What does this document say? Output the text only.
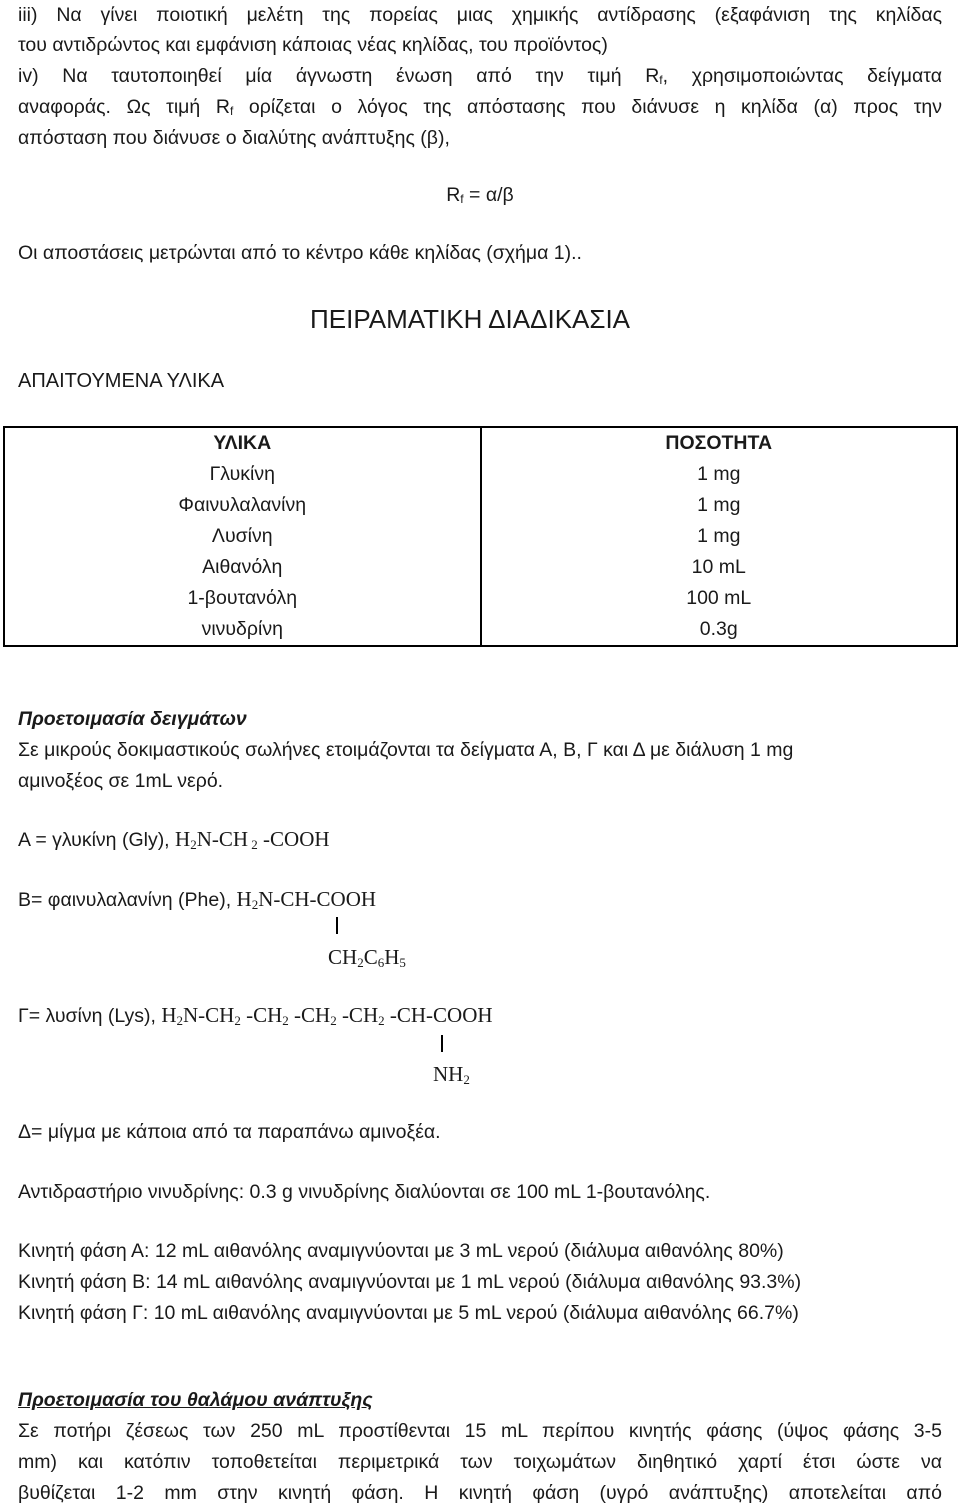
iii) Να γίνει ποιοτική μελέτη της πορείας μιας χημικής αντίδρασης (εξαφάνιση της κηλίδας
του αντιδρώντος και εμφάνιση κάποιας νέας κηλίδας, του προϊόντος)
iv) Να ταυτοποιηθεί μία άγνωστη ένωση από την τιμή Rf, χρησιμοποιώντας δείγματα
αναφοράς. Ως τιμή Rf ορίζεται ο λόγος της απόστασης που διάνυσε η κηλίδα (α) προς την
απόσταση που διάνυσε ο διαλύτης ανάπτυξης (β),
Rf = α/β
Οι αποστάσεις μετρώνται από το κέντρο κάθε κηλίδας (σχήμα 1)..
ΠΕΙΡΑΜΑΤΙΚΗ ΔΙΑΔΙΚΑΣΙΑ
ΑΠΑΙΤΟΥΜΕΝΑ ΥΛΙΚΑ
ΥΛΙΚΑ	ΠΟΣΟΤΗΤΑ
Γλυκίνη	1 mg
Φαινυλαλανίνη	1 mg
Λυσίνη	1 mg
Αιθανόλη	10 mL
1-βουτανόλη	100 mL
νινυδρίνη	0.3g
Προετοιμασία δειγμάτων
Σε μικρούς δοκιμαστικούς σωλήνες ετοιμάζονται τα δείγματα Α, Β, Γ και Δ με διάλυση 1 mg
αμινοξέος σε 1mL νερό.
Α = γλυκίνη (Gly), H2N-CH 2 -COOH
Β= φαινυλαλανίνη (Phe), H2N-CH-COOH
CH2C6H5
Γ= λυσίνη (Lys), H2N-CH2 -CH2 -CH2 -CH2 -CH-COOH
NH2
Δ= μίγμα με κάποια από τα παραπάνω αμινοξέα.
Αντιδραστήριο νινυδρίνης: 0.3 g νινυδρίνης διαλύονται σε 100 mL 1-βουτανόλης.
Κινητή φάση Α: 12 mL αιθανόλης αναμιγνύονται με 3 mL νερού (διάλυμα αιθανόλης 80%)
Κινητή φάση Β: 14 mL αιθανόλης αναμιγνύονται με 1 mL νερού (διάλυμα αιθανόλης 93.3%)
Κινητή φάση Γ: 10 mL αιθανόλης αναμιγνύονται με 5 mL νερού (διάλυμα αιθανόλης 66.7%)
Προετοιμασία του θαλάμου ανάπτυξης
Σε ποτήρι ζέσεως των 250 mL προστίθενται 15 mL περίπου κινητής φάσης (ύψος φάσης 3-5
mm) και κατόπιν τοποθετείται περιμετρικά των τοιχωμάτων διηθητικό χαρτί έτσι ώστε να
βυθίζεται 1-2 mm στην κινητή φάση. Η κινητή φάση (υγρό ανάπτυξης) αποτελείται από
